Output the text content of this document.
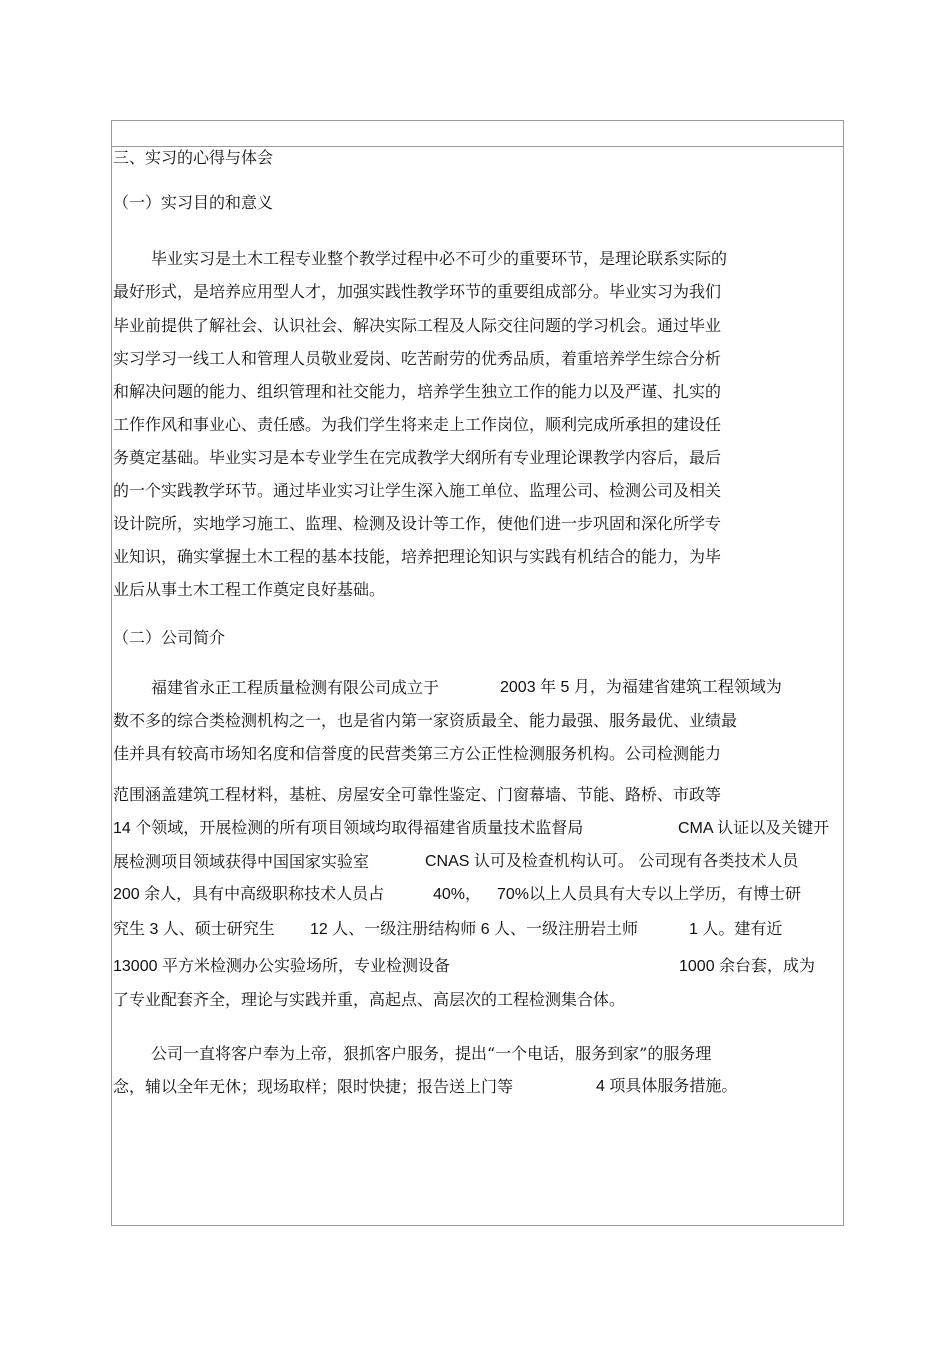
三、实习的心得与体会
（一）实习目的和意义
毕业实习是土木工程专业整个教学过程中必不可少的重要环节，是理论联系实际的
最好形式，是培养应用型人才，加强实践性教学环节的重要组成部分。毕业实习为我们
毕业前提供了解社会、认识社会、解决实际工程及人际交往问题的学习机会。通过毕业
实习学习一线工人和管理人员敬业爱岗、吃苦耐劳的优秀品质，着重培养学生综合分析
和解决问题的能力、组织管理和社交能力，培养学生独立工作的能力以及严谨、扎实的
工作作风和事业心、责任感。为我们学生将来走上工作岗位，顺利完成所承担的建设任
务奠定基础。毕业实习是本专业学生在完成教学大纲所有专业理论课教学内容后，最后
的一个实践教学环节。通过毕业实习让学生深入施工单位、监理公司、检测公司及相关
设计院所，实地学习施工、监理、检测及设计等工作，使他们进一步巩固和深化所学专
业知识，确实掌握土木工程的基本技能，培养把理论知识与实践有机结合的能力，为毕
业后从事土木工程工作奠定良好基础。
（二）公司简介
福建省永正工程质量检测有限公司成立于	2003 年 5 月，为福建省建筑工程领域为
数不多的综合类检测机构之一，也是省内第一家资质最全、能力最强、服务最优、业绩最
佳并具有较高市场知名度和信誉度的民营类第三方公正性检测服务机构。公司检测能力
范围涵盖建筑工程材料，基桩、房屋安全可靠性鉴定、门窗幕墙、节能、路桥、市政等
14 个领域，开展检测的所有项目领域均取得福建省质量技术监督局	CMA 认证以及关键开
展检测项目领域获得中国国家实验室	CNAS 认可及检查机构认可。 公司现有各类技术人员
200 余人，具有中高级职称技术人员占	40%， 70%以上人员具有大专以上学历，有博士研
究生 3 人、硕士研究生 12 人、一级注册结构师 6 人、一级注册岩土师	1 人。建有近
13000 平方米检测办公实验场所，专业检测设备	1000 余台套，成为
了专业配套齐全，理论与实践并重，高起点、高层次的工程检测集合体。
公司一直将客户奉为上帝，狠抓客户服务，提出“一个电话，服务到家”的服务理
念，辅以全年无休；现场取样；限时快捷；报告送上门等	4 项具体服务措施。
